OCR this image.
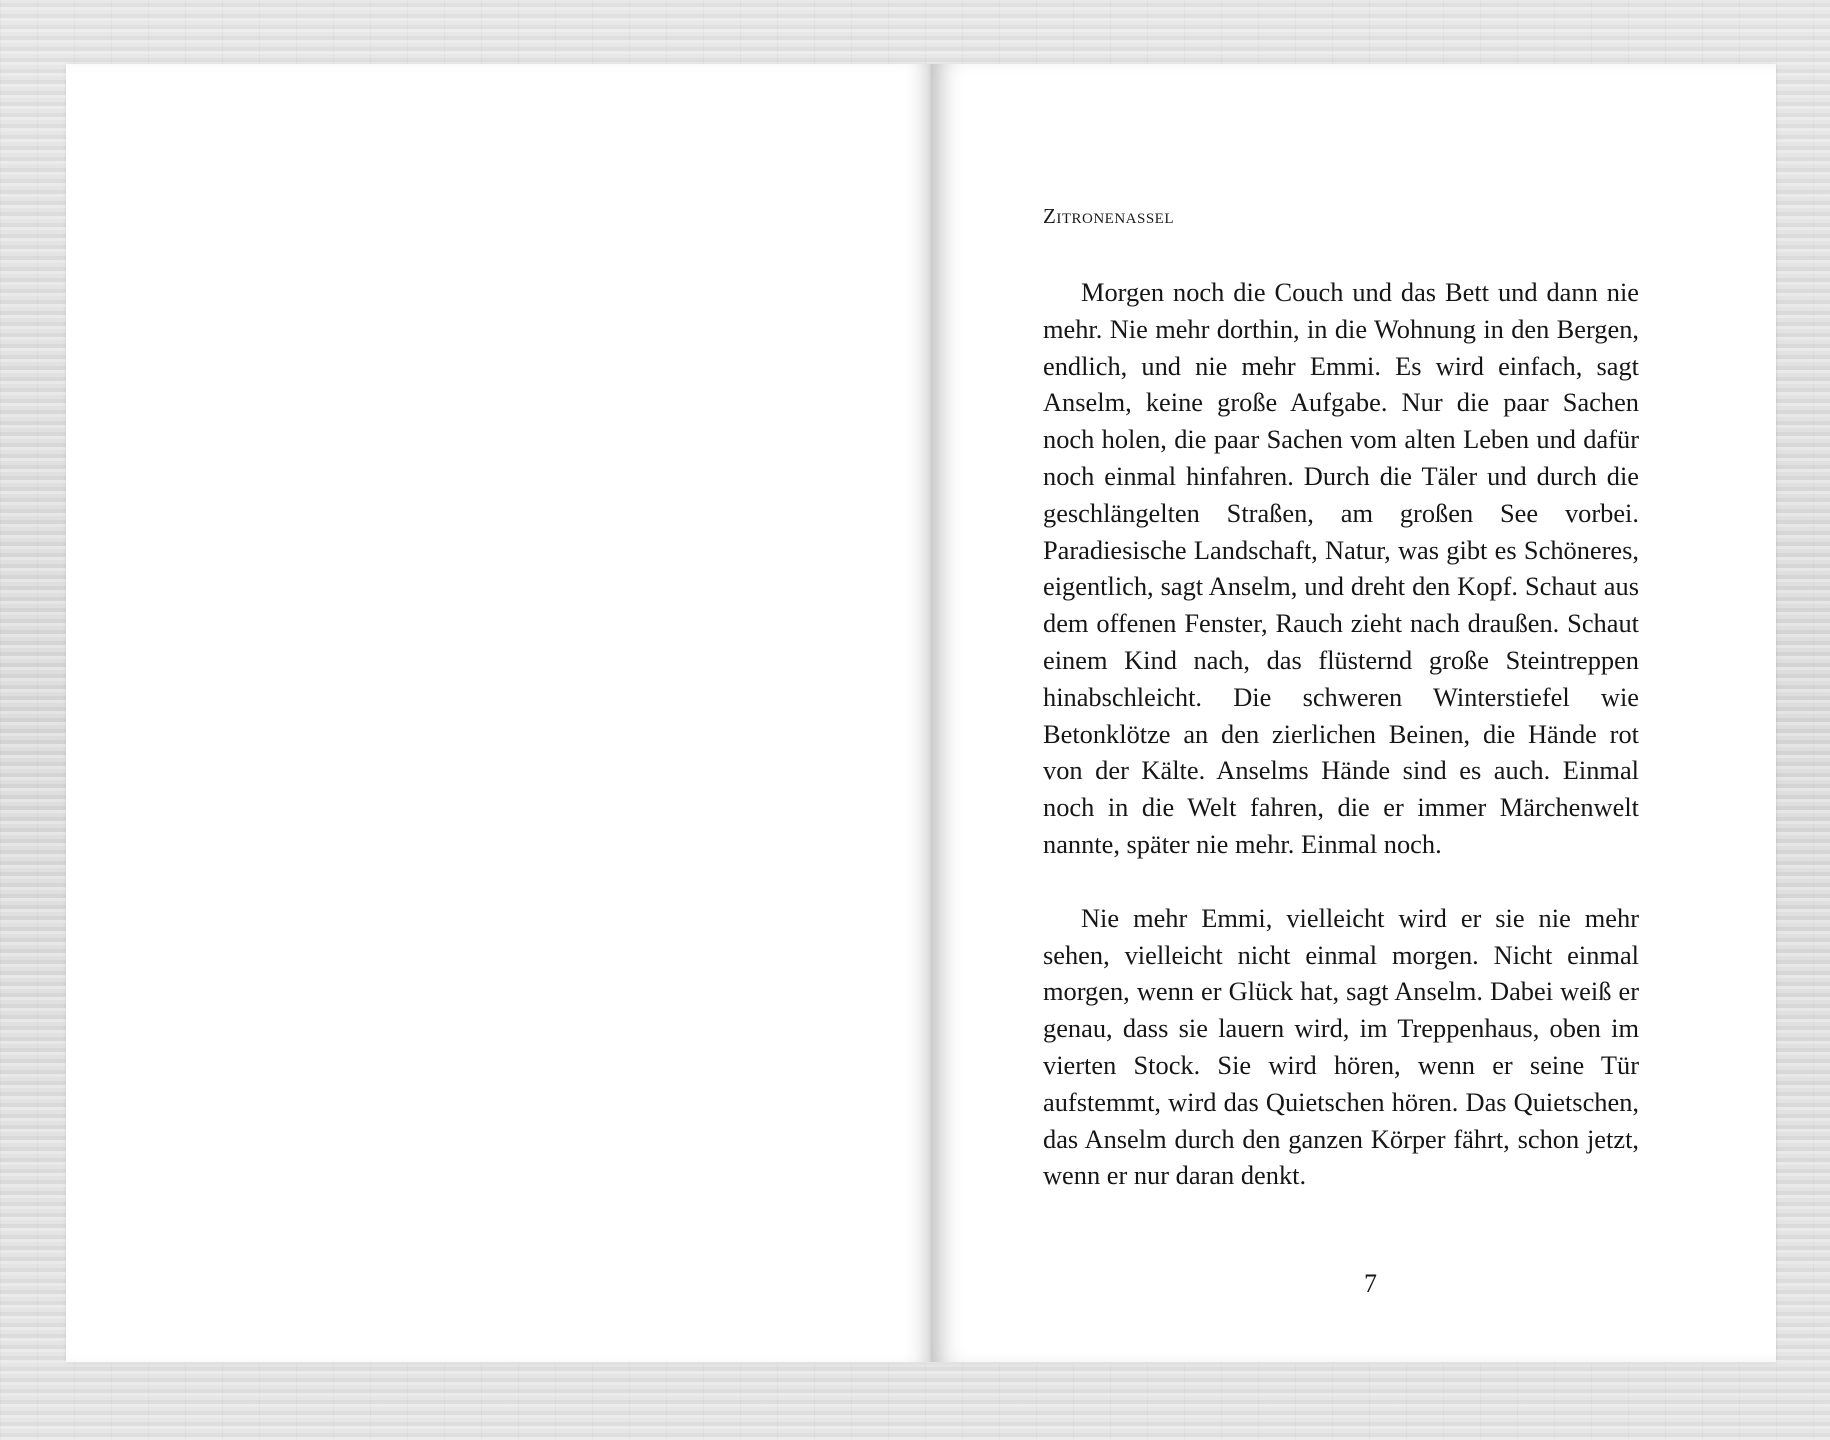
Zitronenassel

Morgen noch die Couch und das Bett und dann nie mehr. Nie mehr dorthin, in die Wohnung in den Bergen, endlich, und nie mehr Emmi. Es wird einfach, sagt Anselm, keine große Aufgabe. Nur die paar Sachen noch holen, die paar Sachen vom alten Leben und dafür noch einmal hinfahren. Durch die Täler und durch die geschlängelten Straßen, am großen See vorbei. Paradiesische Landschaft, Natur, was gibt es Schöneres, eigentlich, sagt Anselm, und dreht den Kopf. Schaut aus dem offenen Fenster, Rauch zieht nach draußen. Schaut einem Kind nach, das flüsternd große Steintreppen hinabschleicht. Die schweren Winterstiefel wie Betonklötze an den zierlichen Beinen, die Hände rot von der Kälte. Anselms Hände sind es auch. Einmal noch in die Welt fahren, die er immer Märchenwelt nannte, später nie mehr. Einmal noch.

Nie mehr Emmi, vielleicht wird er sie nie mehr sehen, vielleicht nicht einmal morgen. Nicht einmal morgen, wenn er Glück hat, sagt Anselm. Dabei weiß er genau, dass sie lauern wird, im Treppenhaus, oben im vierten Stock. Sie wird hören, wenn er seine Tür aufstemmt, wird das Quietschen hören. Das Quietschen, das Anselm durch den ganzen Körper fährt, schon jetzt, wenn er nur daran denkt.

7
